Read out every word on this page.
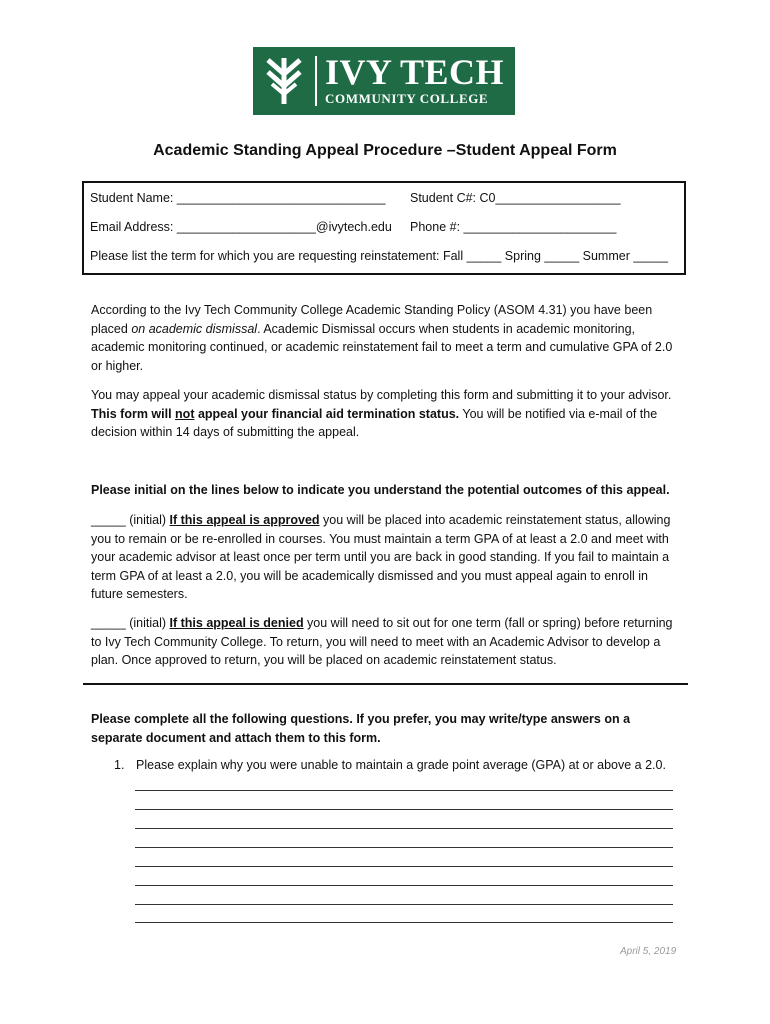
IVY TECH
COMMUNITY COLLEGE
Academic Standing Appeal Procedure –Student Appeal Form
Student Name: ______________________________ Student C#: C0__________________
Email Address: ____________________@ivytech.edu Phone #: ______________________
Please list the term for which you are requesting reinstatement: Fall _____ Spring _____ Summer _____

According to the Ivy Tech Community College Academic Standing Policy (ASOM 4.31) you have been placed on academic dismissal. Academic Dismissal occurs when students in academic monitoring, academic monitoring continued, or academic reinstatement fail to meet a term and cumulative GPA of 2.0 or higher.

You may appeal your academic dismissal status by completing this form and submitting it to your advisor. This form will not appeal your financial aid termination status. You will be notified via e-mail of the decision within 14 days of submitting the appeal.

Please initial on the lines below to indicate you understand the potential outcomes of this appeal.

_____ (initial) If this appeal is approved you will be placed into academic reinstatement status, allowing you to remain or be re-enrolled in courses. You must maintain a term GPA of at least a 2.0 and meet with your academic advisor at least once per term until you are back in good standing. If you fail to maintain a term GPA of at least a 2.0, you will be academically dismissed and you must appeal again to enroll in future semesters.

_____ (initial) If this appeal is denied you will need to sit out for one term (fall or spring) before returning to Ivy Tech Community College. To return, you will need to meet with an Academic Advisor to develop a plan. Once approved to return, you will be placed on academic reinstatement status.

Please complete all the following questions. If you prefer, you may write/type answers on a separate document and attach them to this form.
1. Please explain why you were unable to maintain a grade point average (GPA) at or above a 2.0.
April 5, 2019
